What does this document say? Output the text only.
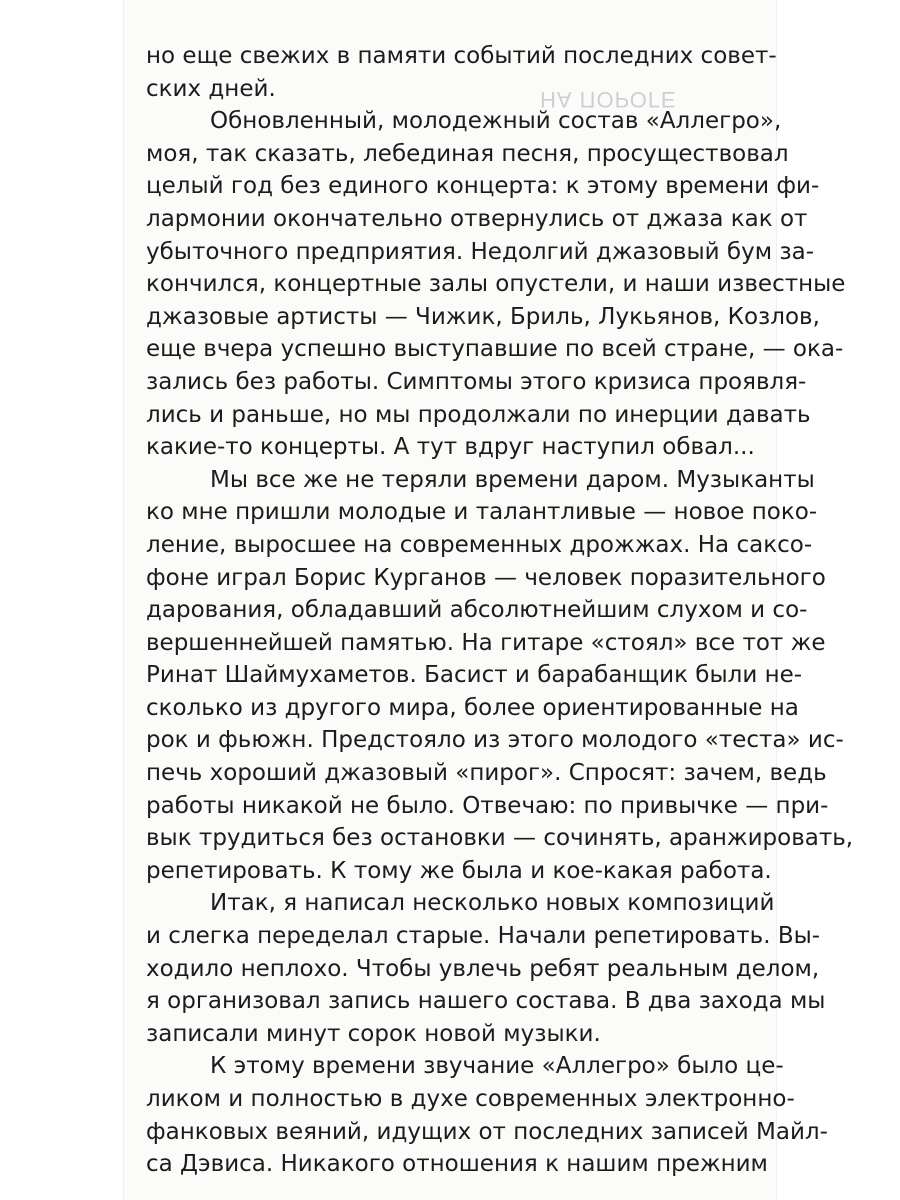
НА ПОРОГЕ

но еще свежих в памяти событий последних совет-
ских дней.

Обновленный, молодежный состав «Аллегро»,
моя, так сказать, лебединая песня, просуществовал
целый год без единого концерта: к этому времени фи-
лармонии окончательно отвернулись от джаза как от
убыточного предприятия. Недолгий джазовый бум за-
кончился, концертные залы опустели, и наши известные
джазовые артисты — Чижик, Бриль, Лукьянов, Козлов,
еще вчера успешно выступавшие по всей стране, — ока-
зались без работы. Симптомы этого кризиса проявля-
лись и раньше, но мы продолжали по инерции давать
какие-то концерты. А тут вдруг наступил обвал...

Мы все же не теряли времени даром. Музыканты
ко мне пришли молодые и талантливые — новое поко-
ление, выросшее на современных дрожжах. На саксо-
фоне играл Борис Курганов — человек поразительного
дарования, обладавший абсолютнейшим слухом и со-
вершеннейшей памятью. На гитаре «стоял» все тот же
Ринат Шаймухаметов. Басист и барабанщик были не-
сколько из другого мира, более ориентированные на
рок и фьюжн. Предстояло из этого молодого «теста» ис-
печь хороший джазовый «пирог». Спросят: зачем, ведь
работы никакой не было. Отвечаю: по привычке — при-
вык трудиться без остановки — сочинять, аранжировать,
репетировать. К тому же была и кое-какая работа.

Итак, я написал несколько новых композиций
и слегка переделал старые. Начали репетировать. Вы-
ходило неплохо. Чтобы увлечь ребят реальным делом,
я организовал запись нашего состава. В два захода мы
записали минут сорок новой музыки.

К этому времени звучание «Аллегро» было це-
ликом и полностью в духе современных электронно-
фанковых веяний, идущих от последних записей Майл-
са Дэвиса. Никакого отношения к нашим прежним
